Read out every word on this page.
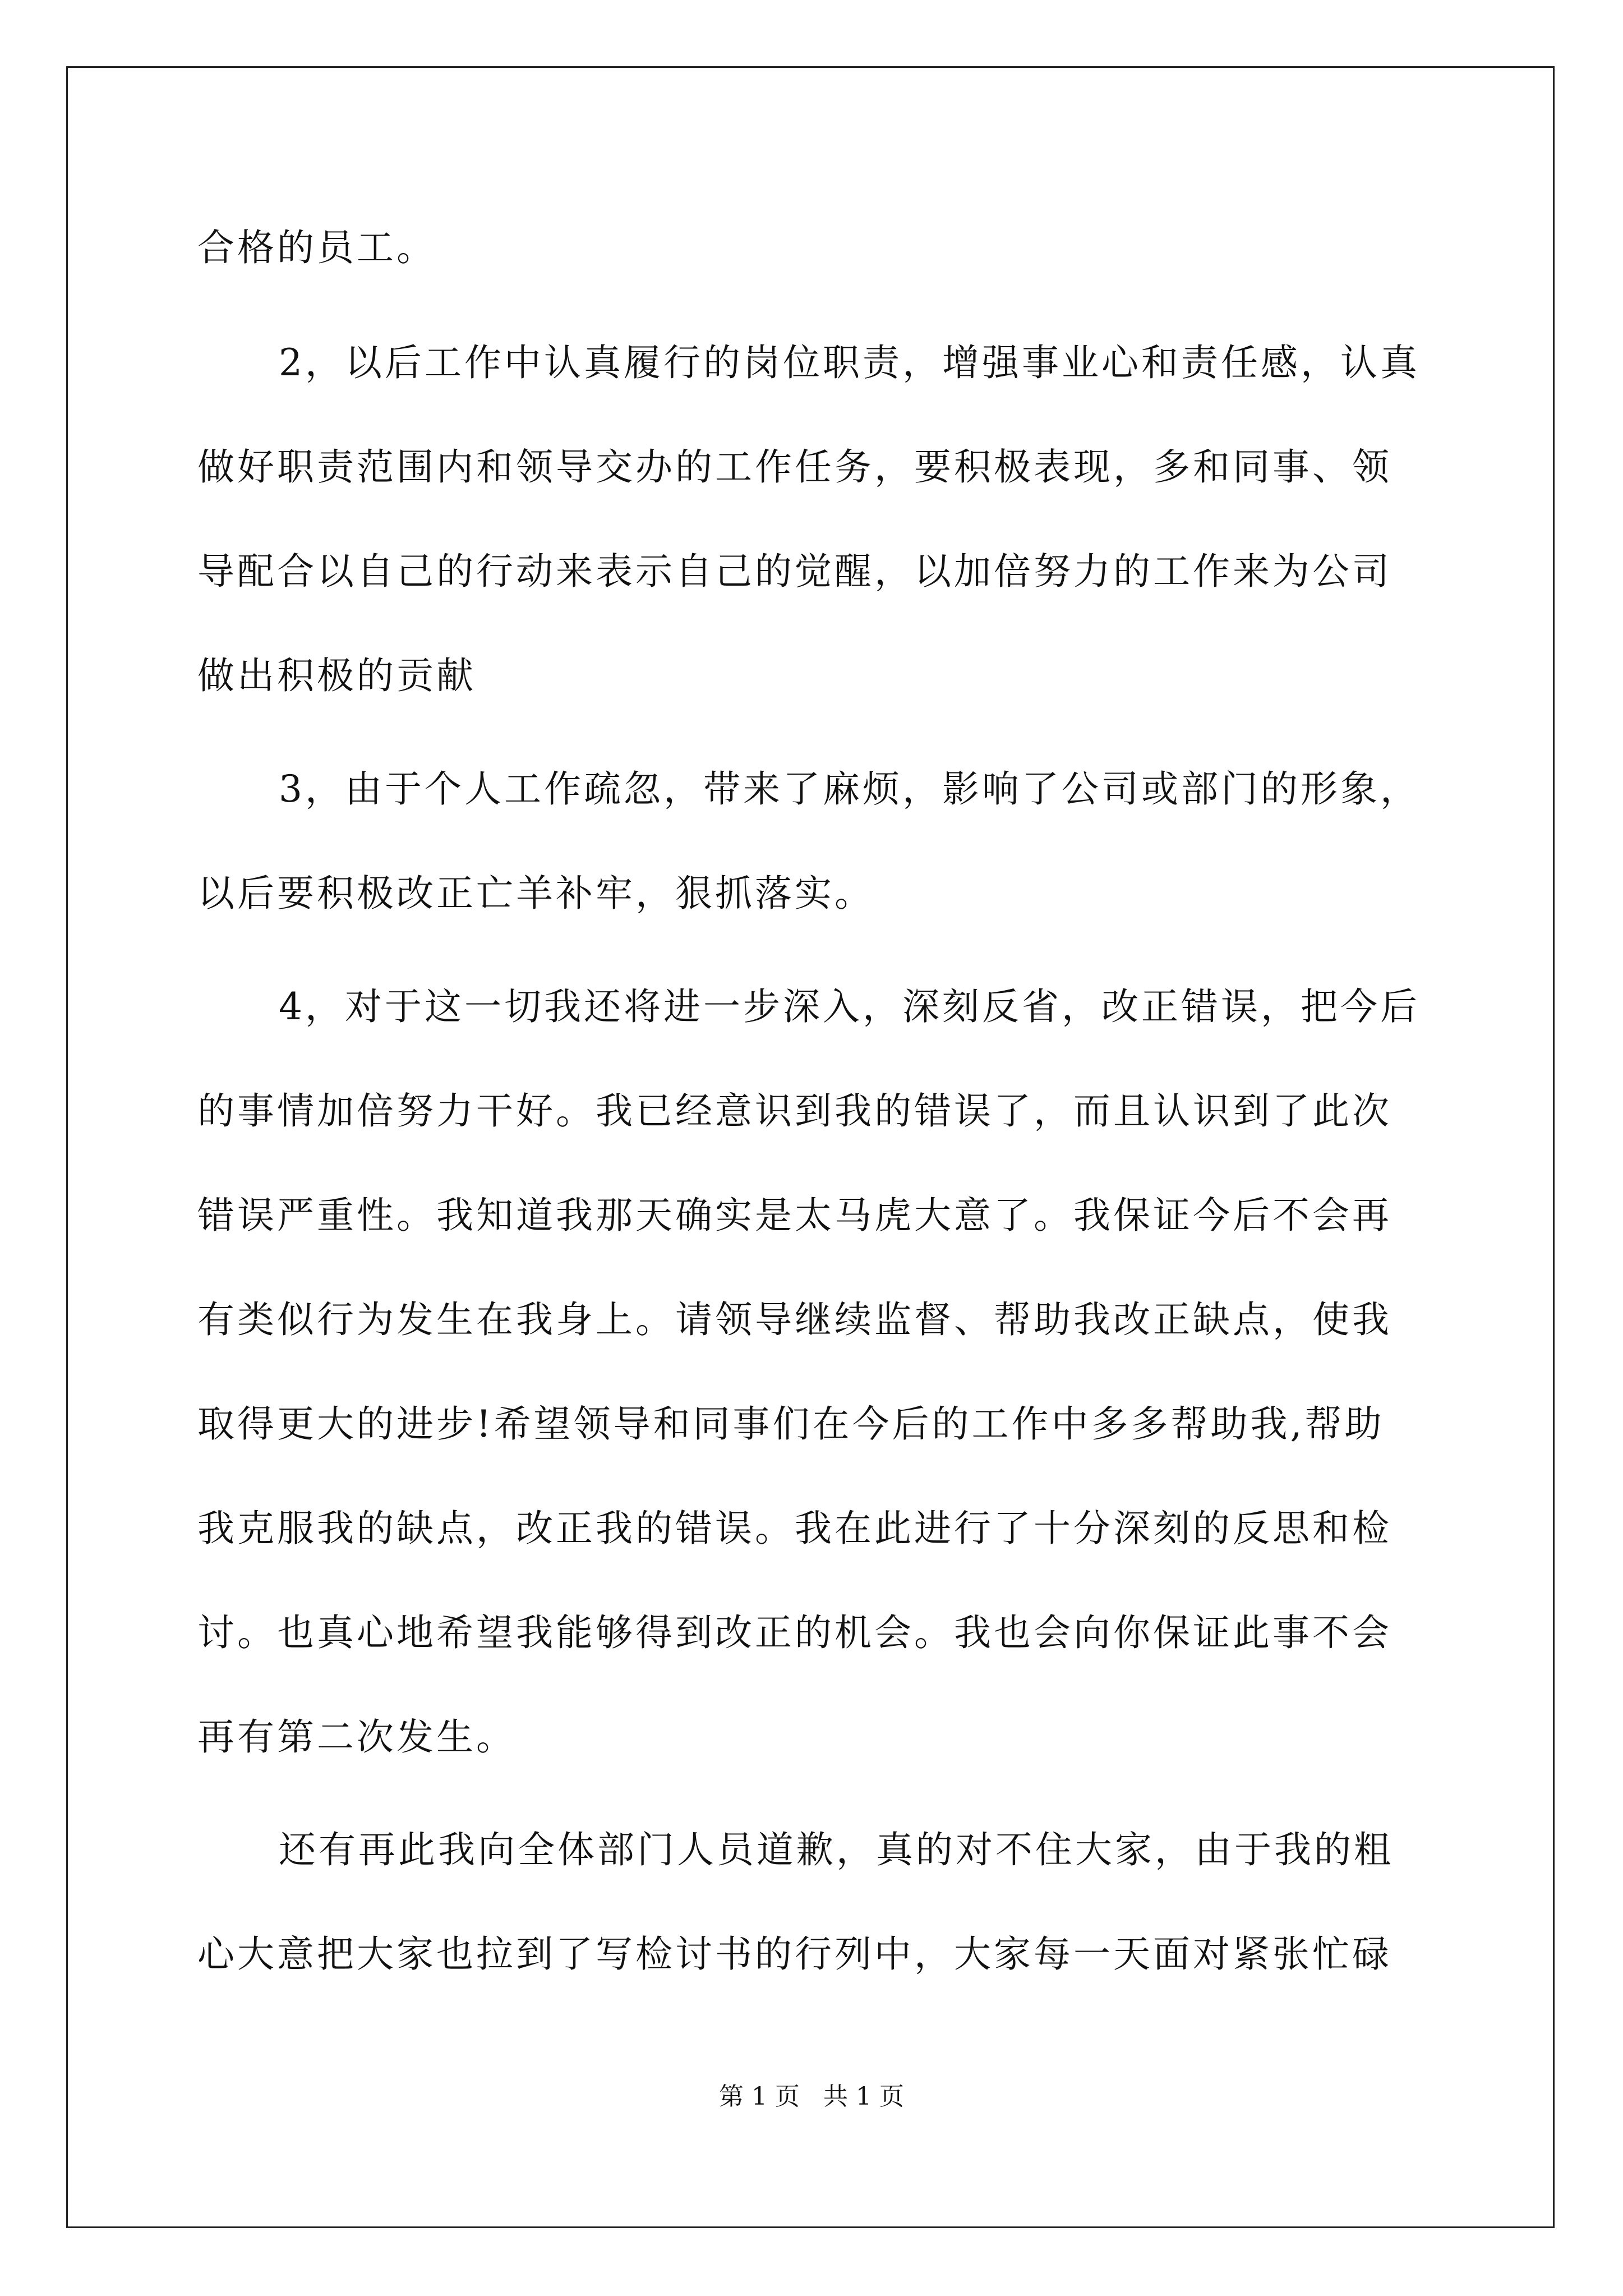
合格的员工。
2，以后工作中认真履行的岗位职责，增强事业心和责任感，认真
做好职责范围内和领导交办的工作任务，要积极表现，多和同事、领
导配合以自己的行动来表示自己的觉醒，以加倍努力的工作来为公司
做出积极的贡献
3，由于个人工作疏忽，带来了麻烦，影响了公司或部门的形象，
以后要积极改正亡羊补牢，狠抓落实。
4，对于这一切我还将进一步深入，深刻反省，改正错误，把今后
的事情加倍努力干好。我已经意识到我的错误了，而且认识到了此次
错误严重性。我知道我那天确实是太马虎大意了。我保证今后不会再
有类似行为发生在我身上。请领导继续监督、帮助我改正缺点，使我
取得更大的进步!希望领导和同事们在今后的工作中多多帮助我,帮助
我克服我的缺点，改正我的错误。我在此进行了十分深刻的反思和检
讨。也真心地希望我能够得到改正的机会。我也会向你保证此事不会
再有第二次发生。
还有再此我向全体部门人员道歉，真的对不住大家，由于我的粗
心大意把大家也拉到了写检讨书的行列中，大家每一天面对紧张忙碌
第 1 页   共 1 页
